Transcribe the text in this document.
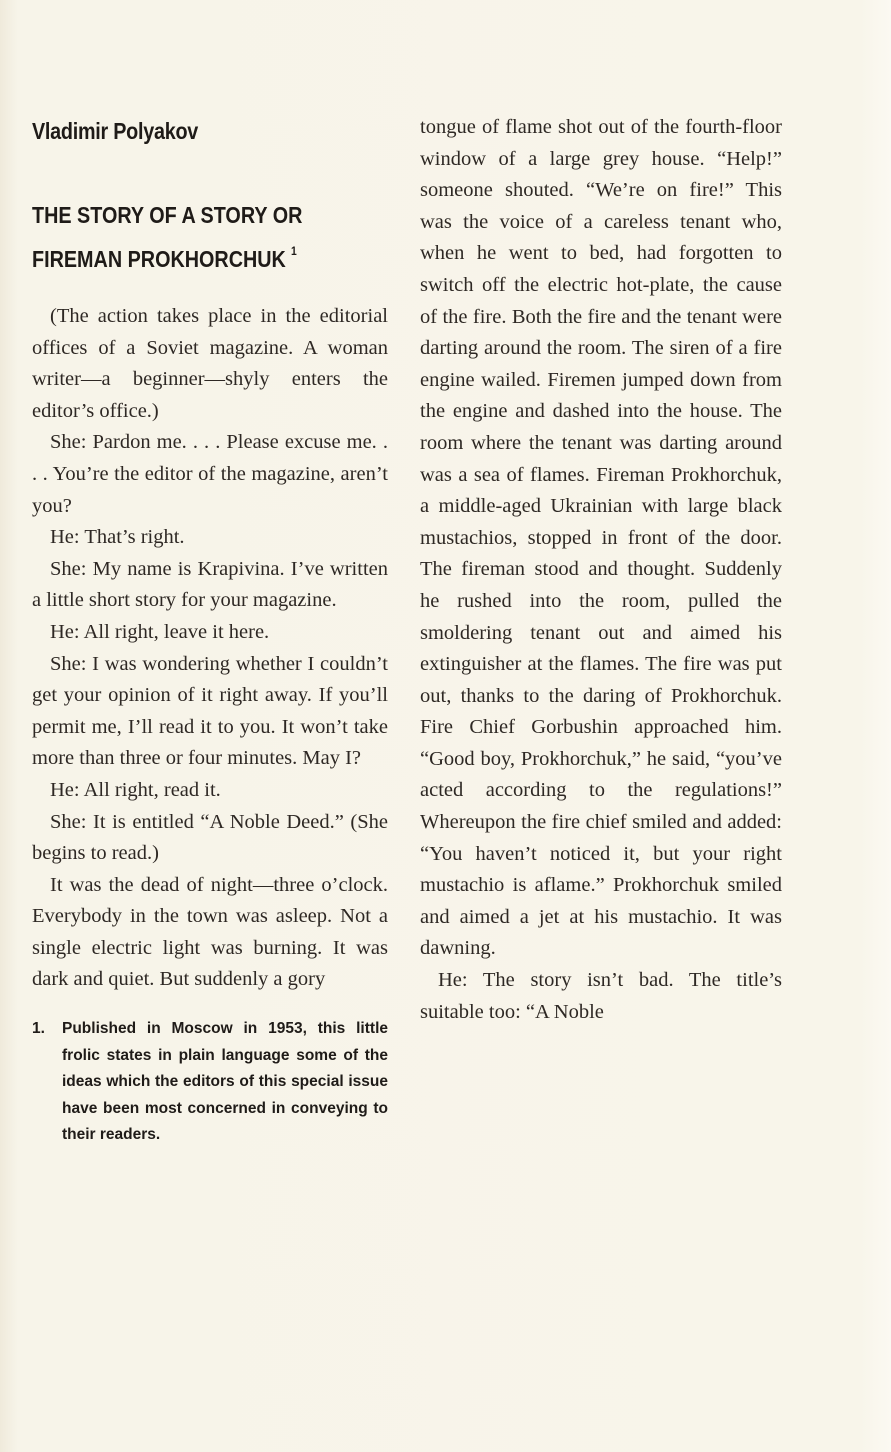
Vladimir Polyakov
THE STORY OF A STORY OR
FIREMAN PROKHORCHUK $^1$

(The action takes place in the editorial offices of a Soviet magazine. A woman writer—a beginner—shyly enters the editor’s office.)

She: Pardon me. . . . Please excuse me. . . . You’re the editor of the magazine, aren’t you?

He: That’s right.

She: My name is Krapivina. I’ve written a little short story for your magazine.

He: All right, leave it here.

She: I was wondering whether I couldn’t get your opinion of it right away. If you’ll permit me, I’ll read it to you. It won’t take more than three or four minutes. May I?

He: All right, read it.

She: It is entitled “A Noble Deed.” (She begins to read.)

It was the dead of night—three o’clock. Everybody in the town was asleep. Not a single electric light was burning. It was dark and quiet. But suddenly a gory

1. Published in Moscow in 1953, this little frolic states in plain language some of the ideas which the editors of this special issue have been most concerned in conveying to their readers.

tongue of flame shot out of the fourth-floor window of a large grey house. “Help!” someone shouted. “We’re on fire!” This was the voice of a careless tenant who, when he went to bed, had forgotten to switch off the electric hot-plate, the cause of the fire. Both the fire and the tenant were darting around the room. The siren of a fire engine wailed. Firemen jumped down from the engine and dashed into the house. The room where the tenant was darting around was a sea of flames. Fireman Prokhorchuk, a middle-aged Ukrainian with large black mustachios, stopped in front of the door. The fireman stood and thought. Suddenly he rushed into the room, pulled the smoldering tenant out and aimed his extinguisher at the flames. The fire was put out, thanks to the daring of Prokhorchuk. Fire Chief Gorbushin approached him. “Good boy, Prokhorchuk,” he said, “you’ve acted according to the regulations!” Whereupon the fire chief smiled and added: “You haven’t noticed it, but your right mustachio is aflame.” Prokhorchuk smiled and aimed a jet at his mustachio. It was dawning.

He: The story isn’t bad. The title’s suitable too: “A Noble
